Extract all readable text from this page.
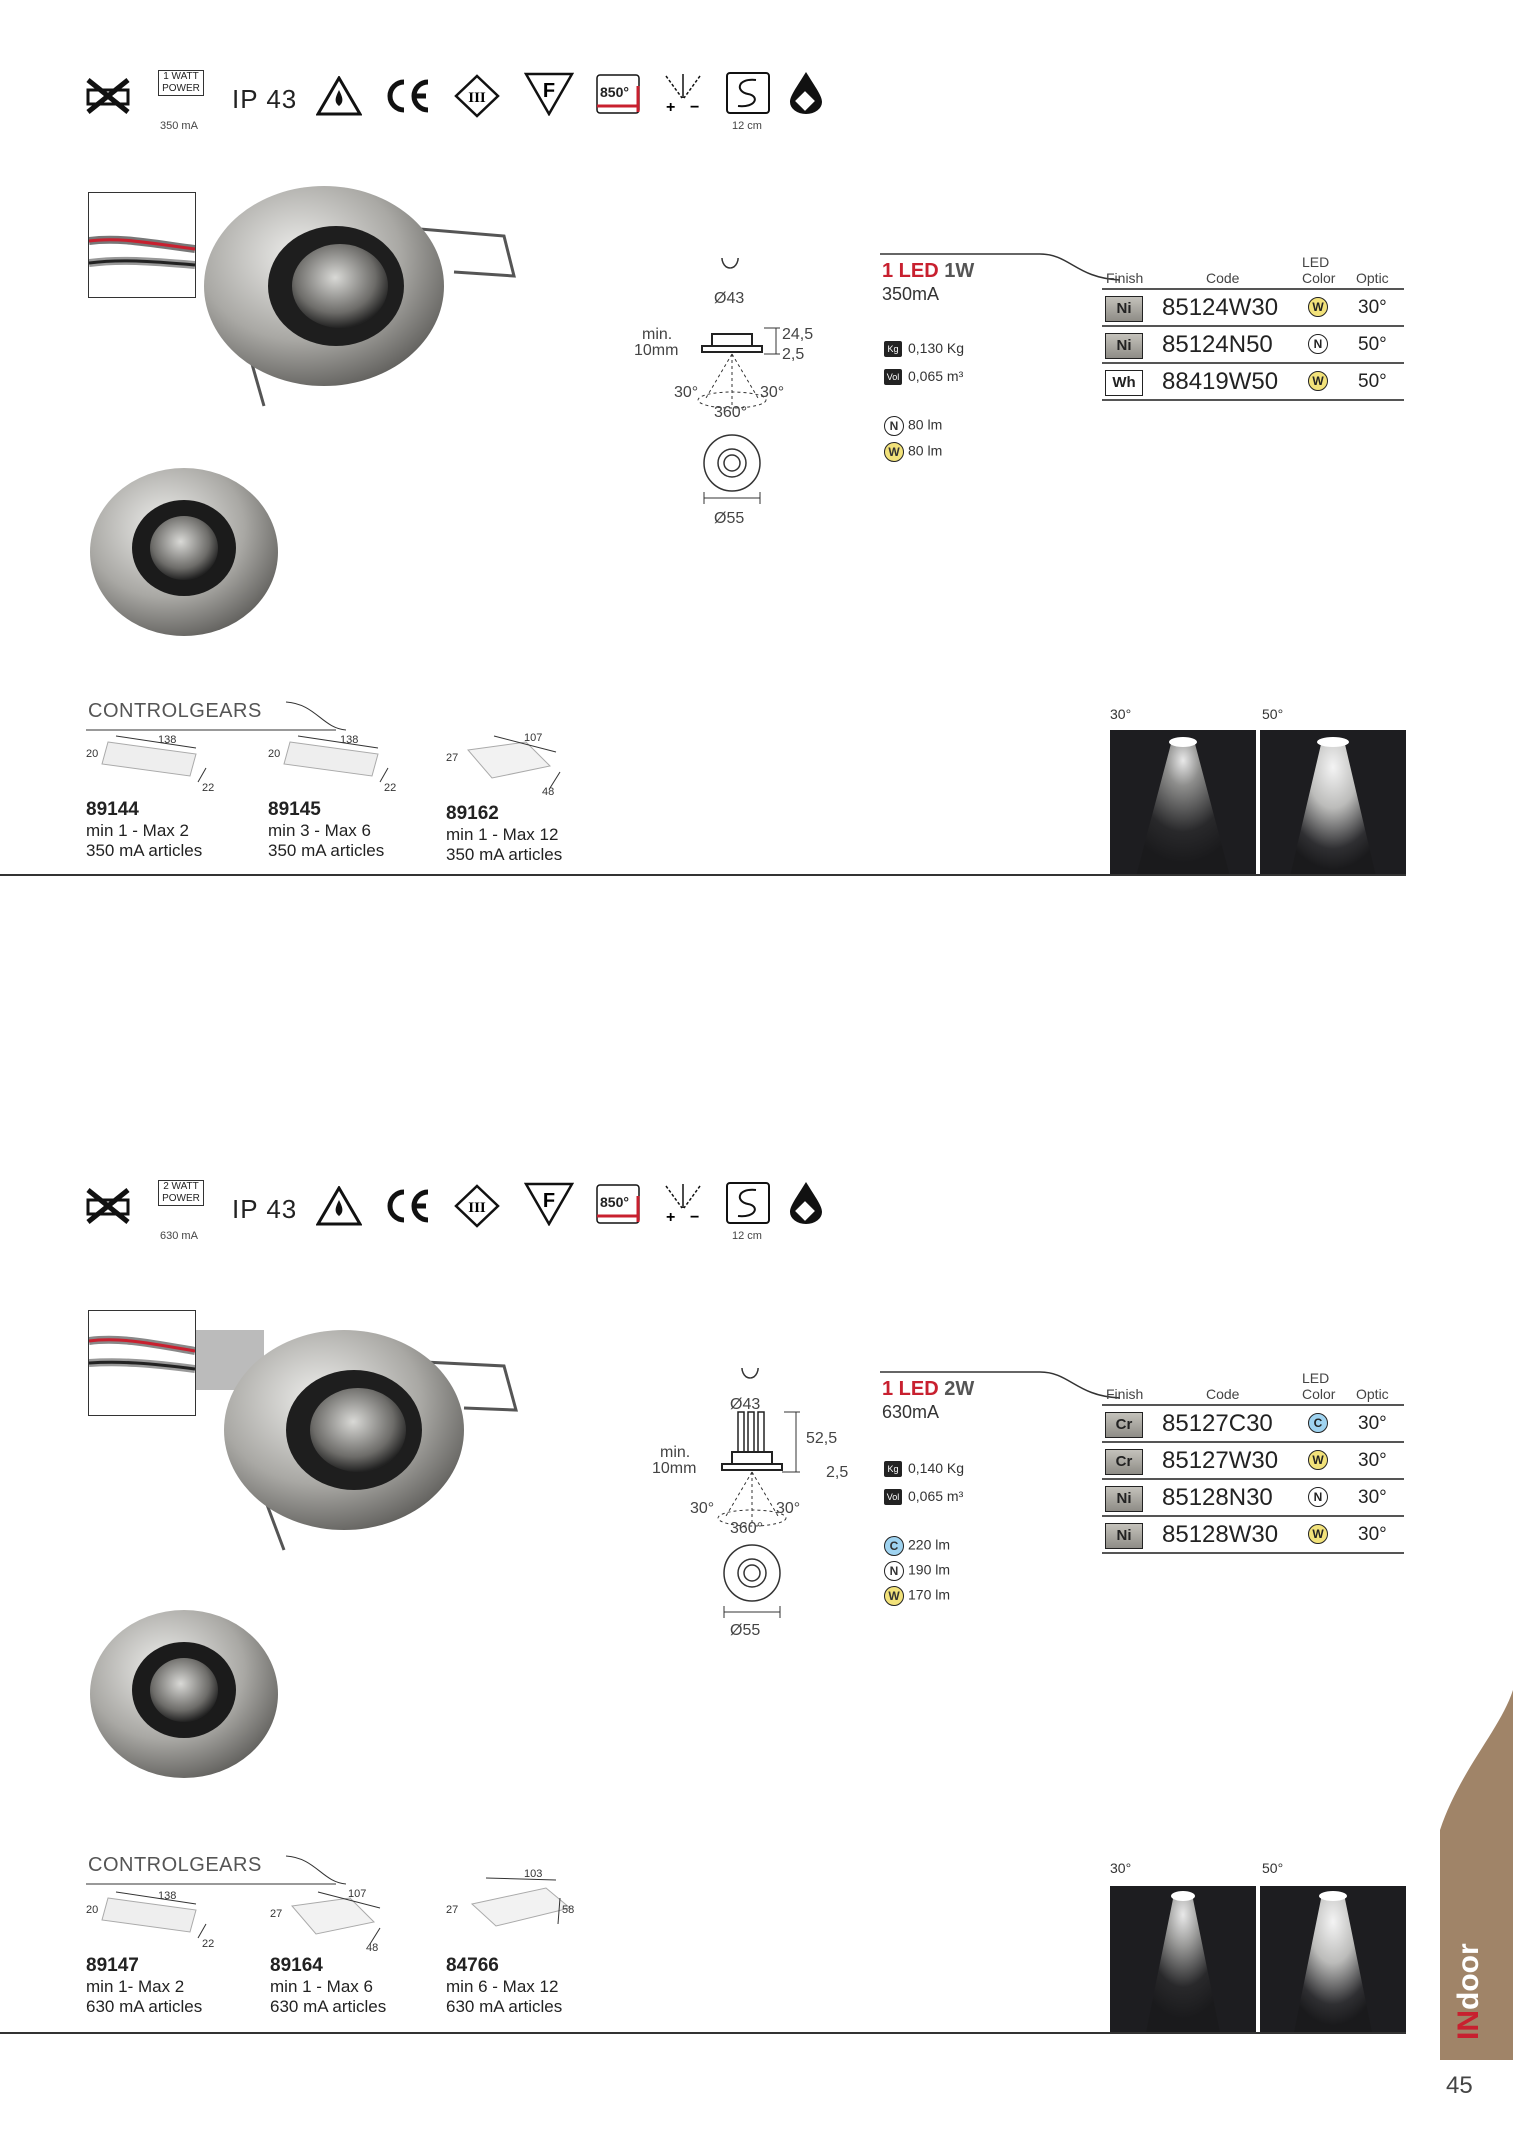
1 WATT
POWER
350 mA
IP 43	III	F	850°
+ −
12 cm
Ø43
min.
10mm
24,5
2,5
30°	30°
360°
Ø55
1 LED 1W
350mA
Kg 0,130 Kg
Vol 0,065 m³
N 80 lm
W 80 lm
Finish	Code
LED
Color Optic
Ni	85124W30	W	30°
Ni	85124N50	N	50°
Wh	88419W50	W	50°
CONTROLGEARS
20
138
22
89144
min 1 - Max 2
350 mA articles
20
138
22
89145
min 3 - Max 6
350 mA articles
27
107
48
89162
min 1 - Max 12
350 mA articles
30°	50°
2 WATT
POWER
630 mA
IP 43	III	F	850°
+ −
12 cm
Ø43
min.
10mm
52,5
2,5
30°	30°
360°
Ø55
1 LED 2W
630mA
Kg 0,140 Kg
Vol 0,065 m³
C 220 lm
N 190 lm
W 170 lm
Finish	Code
LED
Color Optic
Cr	85127C30	C	30°
Cr	85127W30	W	30°
Ni	85128N30	N	30°
Ni	85128W30	W	30°
CONTROLGEARS
20
138
22
89147
min 1- Max 2
630 mA articles
27
107
48
89164
min 1 - Max 6
630 mA articles
27
103
58
84766
min 6 - Max 12
630 mA articles
30°	50°
INdoor
45
